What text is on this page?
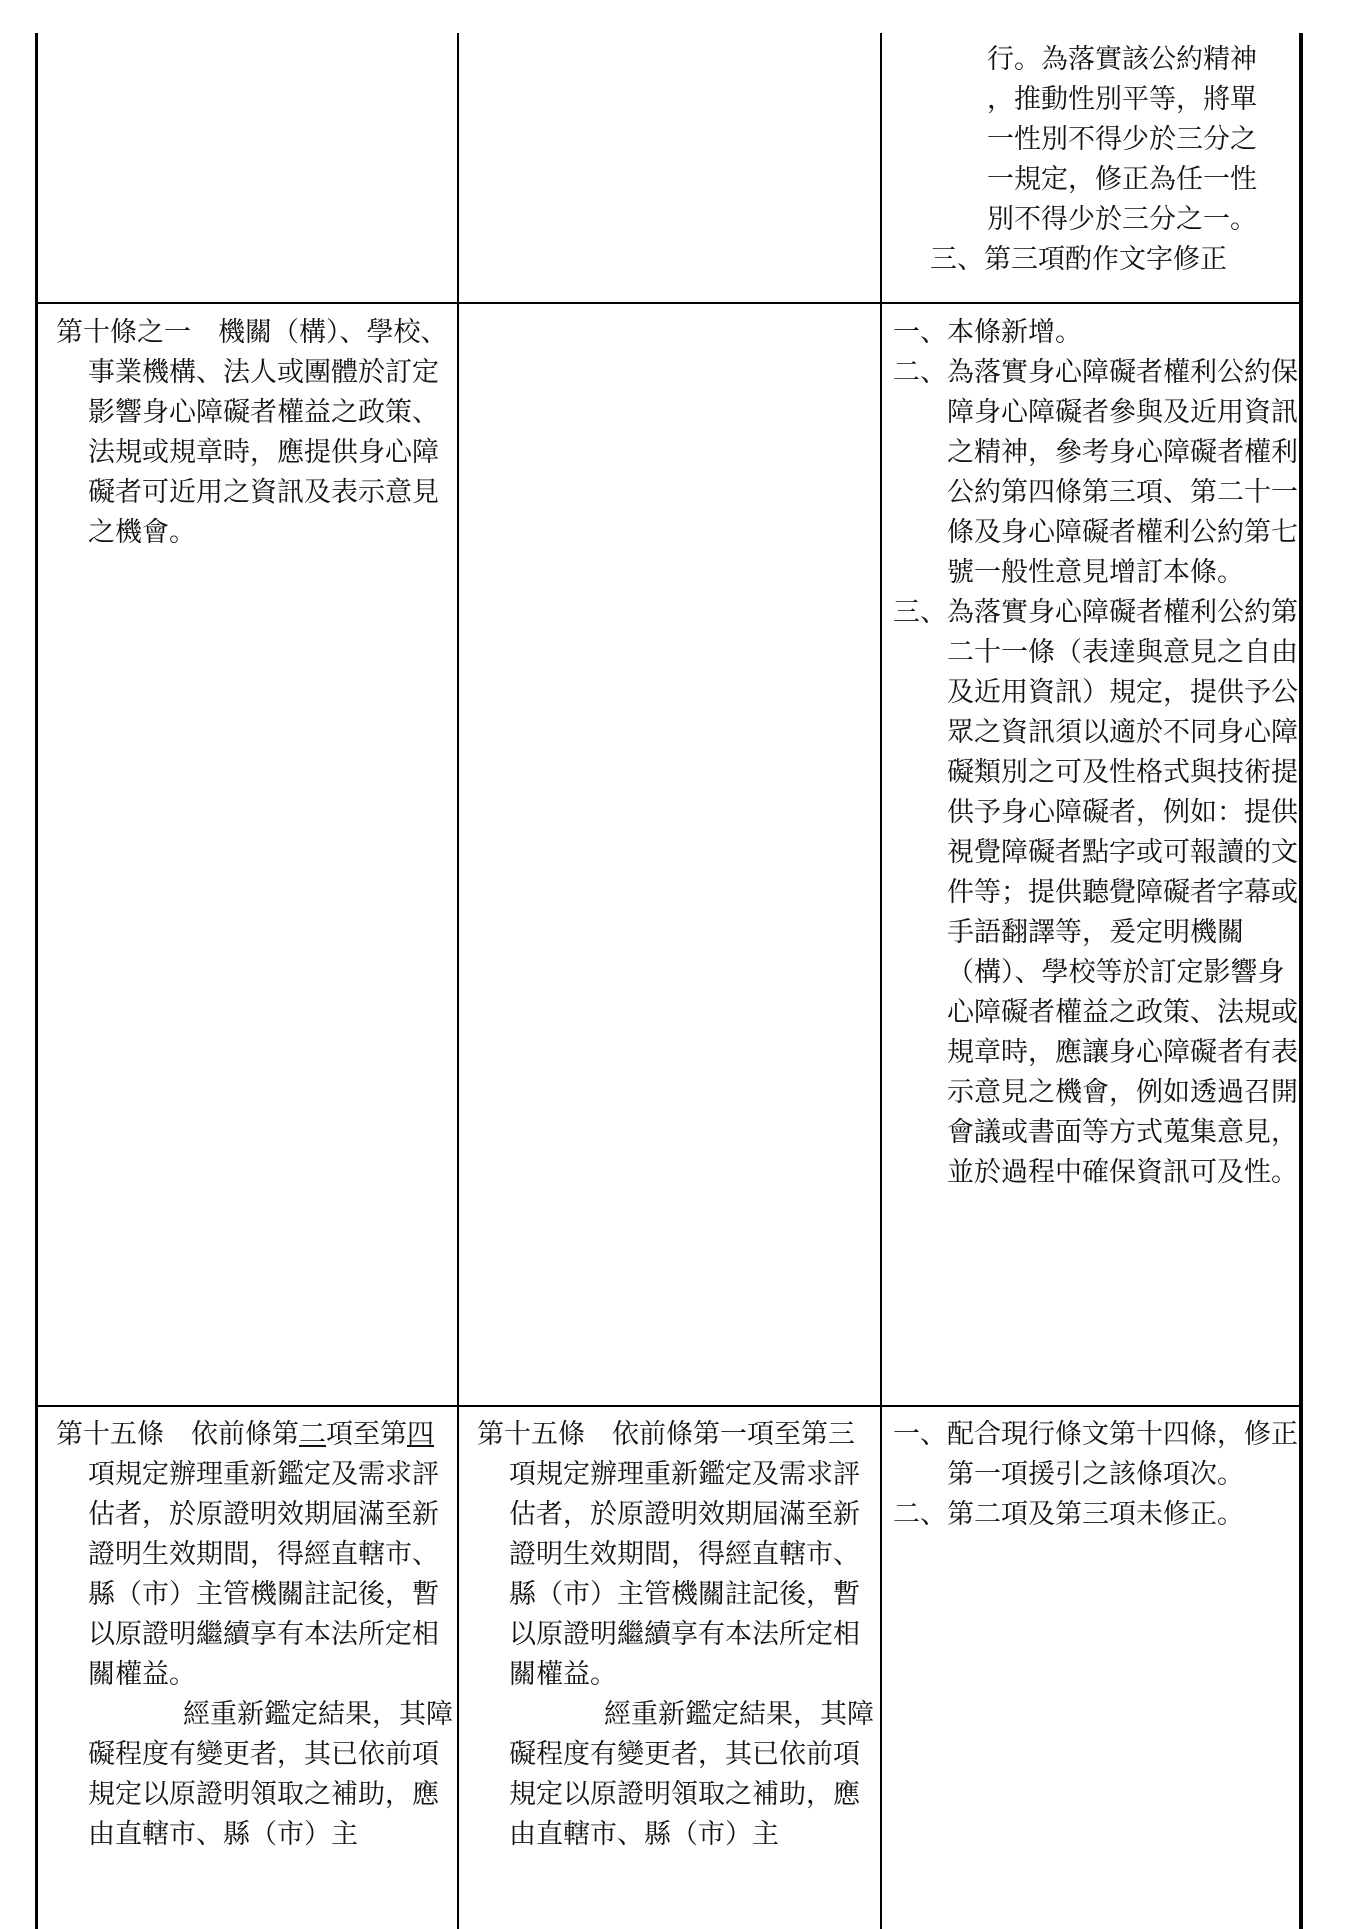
行。為落實該公約精神

，推動性別平等，將單

一性別不得少於三分之

一規定，修正為任一性

別不得少於三分之一。

三、第三項酌作文字修正

第十條之一　機關（構）、學校、事業機構、法人或團體於訂定影響身心障礙者權益之政策、法規或規章時，應提供身心障礙者可近用之資訊及表示意見之機會。

一、 本條新增。
二、 為落實身心障礙者權利公約保障身心障礙者參與及近用資訊之精神，參考身心障礙者權利公約第四條第三項、第二十一條及身心障礙者權利公約第七號一般性意見增訂本條。
三、 為落實身心障礙者權利公約第二十一條（表達與意見之自由及近用資訊）規定，提供予公眾之資訊須以適於不同身心障礙類別之可及性格式與技術提供予身心障礙者，例如：提供視覺障礙者點字或可報讀的文件等；提供聽覺障礙者字幕或手語翻譯等，爰定明機關（構）、學校等於訂定影響身心障礙者權益之政策、法規或規章時，應讓身心障礙者有表示意見之機會，例如透過召開會議或書面等方式蒐集意見，並於過程中確保資訊可及性。

第十五條　依前條第二項至第四項規定辦理重新鑑定及需求評估者，於原證明效期屆滿至新證明生效期間，得經直轄市、縣（市）主管機關註記後，暫以原證明繼續享有本法所定相關權益。

經重新鑑定結果，其障礙程度有變更者，其已依前項規定以原證明領取之補助，應由直轄市、縣（市）主

第十五條　依前條第一項至第三項規定辦理重新鑑定及需求評估者，於原證明效期屆滿至新證明生效期間，得經直轄市、縣（市）主管機關註記後，暫以原證明繼續享有本法所定相關權益。

經重新鑑定結果，其障礙程度有變更者，其已依前項規定以原證明領取之補助，應由直轄市、縣（市）主

一、 配合現行條文第十四條，修正第一項援引之該條項次。
二、 第二項及第三項未修正。
